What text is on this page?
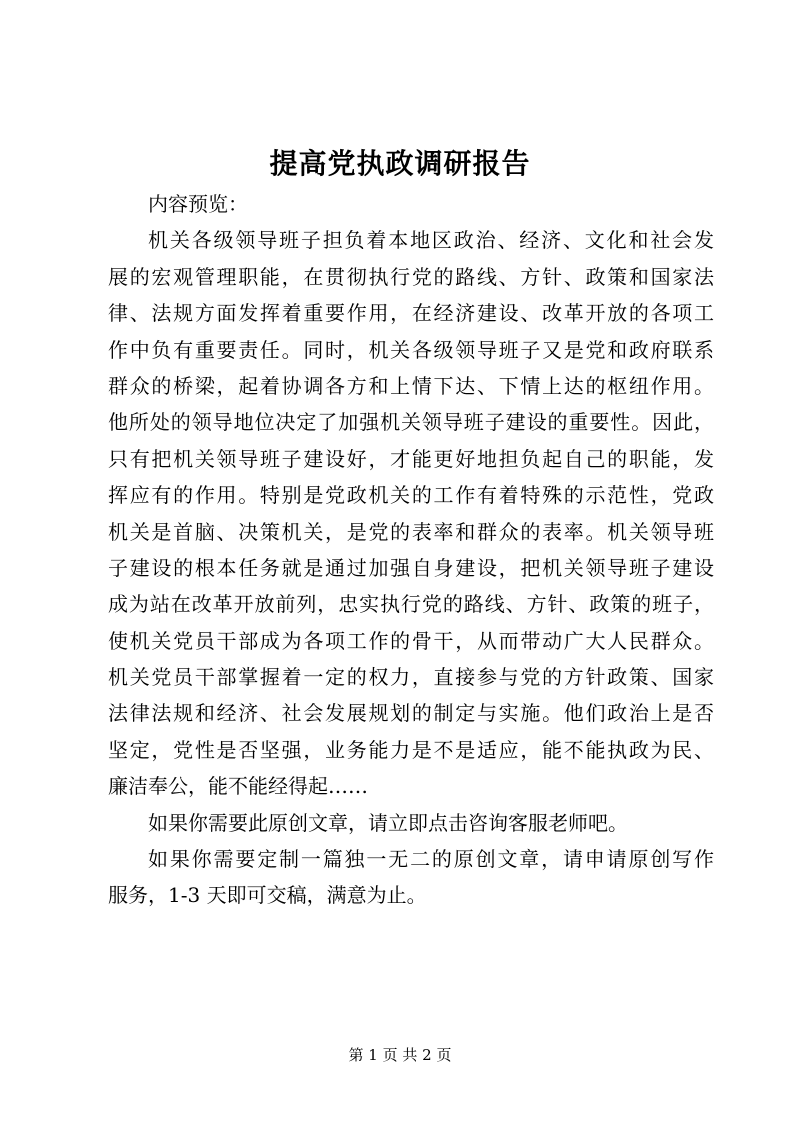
提高党执政调研报告
内容预览：
机关各级领导班子担负着本地区政治、经济、文化和社会发
展的宏观管理职能，在贯彻执行党的路线、方针、政策和国家法
律、法规方面发挥着重要作用，在经济建设、改革开放的各项工
作中负有重要责任。同时，机关各级领导班子又是党和政府联系
群众的桥梁，起着协调各方和上情下达、下情上达的枢纽作用。
他所处的领导地位决定了加强机关领导班子建设的重要性。因此，
只有把机关领导班子建设好，才能更好地担负起自己的职能，发
挥应有的作用。特别是党政机关的工作有着特殊的示范性，党政
机关是首脑、决策机关，是党的表率和群众的表率。机关领导班
子建设的根本任务就是通过加强自身建设，把机关领导班子建设
成为站在改革开放前列，忠实执行党的路线、方针、政策的班子，
使机关党员干部成为各项工作的骨干，从而带动广大人民群众。
机关党员干部掌握着一定的权力，直接参与党的方针政策、国家
法律法规和经济、社会发展规划的制定与实施。他们政治上是否
坚定，党性是否坚强，业务能力是不是适应，能不能执政为民、
廉洁奉公，能不能经得起……
如果你需要此原创文章，请立即点击咨询客服老师吧。
如果你需要定制一篇独一无二的原创文章，请申请原创写作
服务，1-3 天即可交稿，满意为止。
第 1 页 共 2 页
